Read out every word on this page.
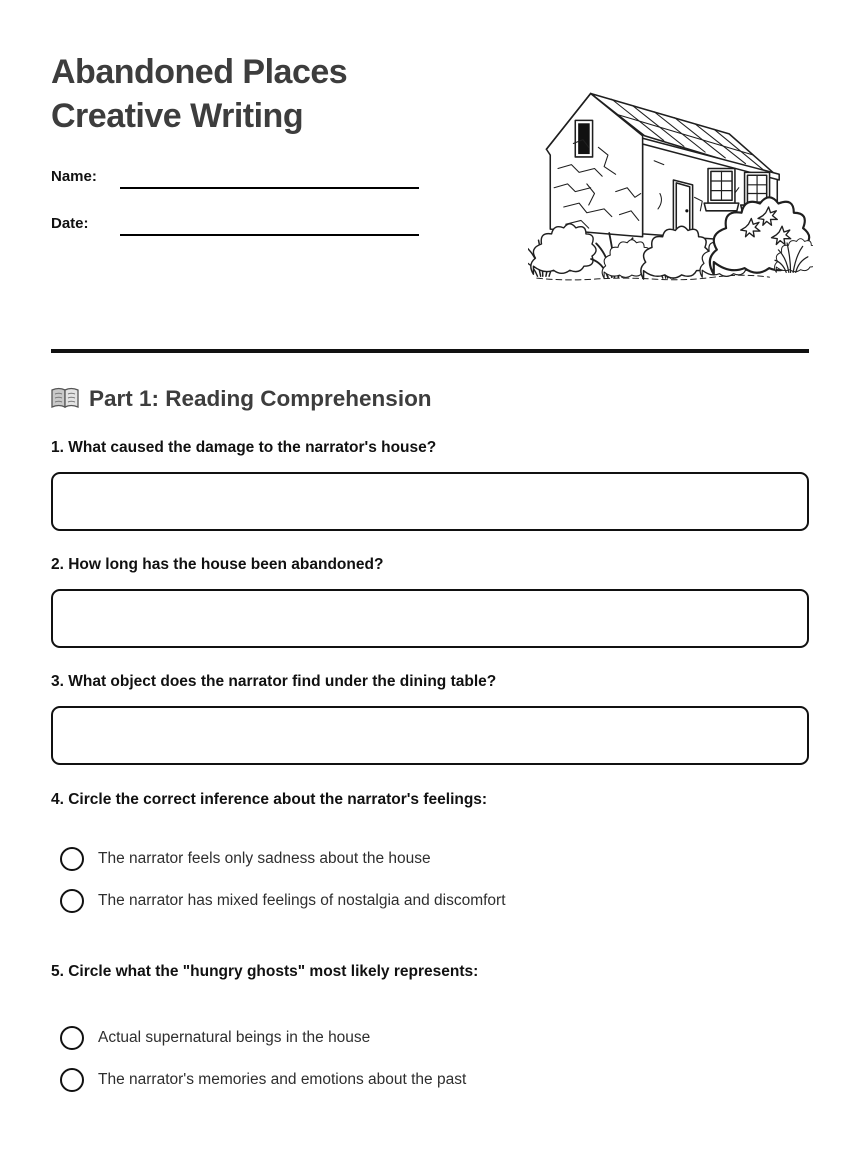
Abandoned Places
Creative Writing
Name:
Date:
Part 1: Reading Comprehension
1. What caused the damage to the narrator's house?
2. How long has the house been abandoned?
3. What object does the narrator find under the dining table?
4. Circle the correct inference about the narrator's feelings:
The narrator feels only sadness about the house
The narrator has mixed feelings of nostalgia and discomfort
5. Circle what the "hungry ghosts" most likely represents:
Actual supernatural beings in the house
The narrator's memories and emotions about the past
